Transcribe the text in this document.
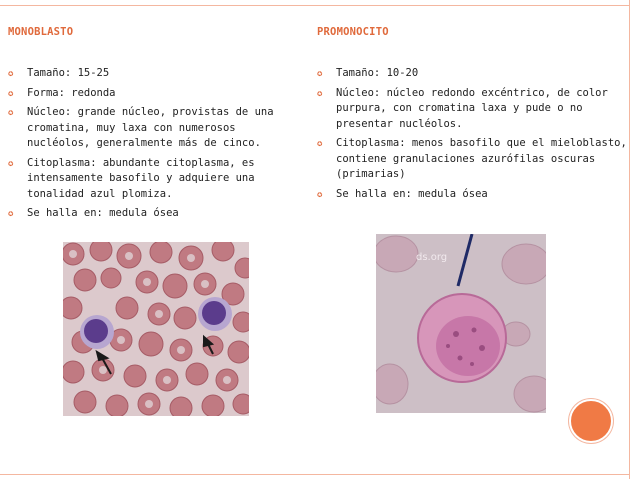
MONOBLASTO	PROMONOCITO
✪ Tamaño: 15-25
✪ Forma: redonda
✪ Núcleo: grande núcleo, provistas de una cromatina, muy laxa con numerosos nucléolos, generalmente más de cinco.
✪ Citoplasma: abundante citoplasma, es intensamente basofilo y adquiere una tonalidad azul plomiza.
✪ Se halla en: medula ósea
✪ Tamaño: 10-20
✪ Núcleo: núcleo redondo excéntrico, de color purpura, con cromatina laxa y pude o no presentar nucléolos.
✪ Citoplasma: menos basofilo que el mieloblasto, contiene granulaciones azurófilas oscuras (primarias)
✪ Se halla en: medula ósea
ds.org
